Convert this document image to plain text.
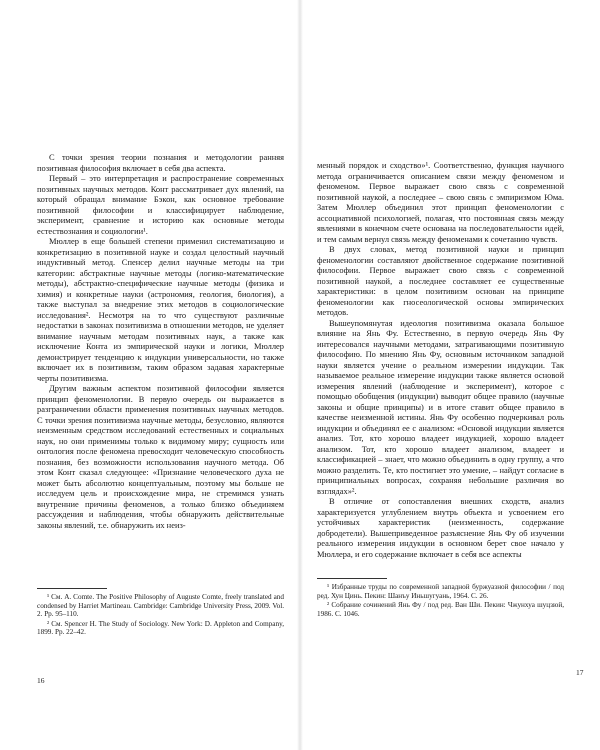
С точки зрения теории познания и методологии ранняя позитивная философия включает в себя два аспекта.

Первый – это интерпретация и распространение современных позитивных научных методов. Конт рассматривает дух явлений, на который обращал внимание Бэкон, как основное требование позитивной философии и классифицирует наблюдение, эксперимент, сравнение и историю как основные методы естествознания и социологии¹.

Мюллер в еще большей степени применил систематизацию и конкретизацию в позитивной науке и создал целостный научный индуктивный метод. Спенсер делил научные методы на три категории: абстрактные научные методы (логико-математические методы), абстрактно-специфические научные методы (физика и химия) и конкретные науки (астрономия, геология, биология), а также выступал за внедрение этих методов в социологические исследования². Несмотря на то что существуют различные недостатки в законах позитивизма в отношении методов, не уделяет внимание научным методам позитивных наук, а также как исключение Конта из эмпирической науки и логики, Мюллер демонстрирует тенденцию к индукции универсальности, но также включает их в позитивизм, таким образом задавая характерные черты позитивизма.

Другим важным аспектом позитивной философии является принцип феноменологии. В первую очередь он выражается в разграничении области применения позитивных научных методов. С точки зрения позитивизма научные методы, безусловно, являются неизменным средством исследований естественных и социальных наук, но они применимы только к видимому миру; сущность или онтология после феномена превосходит человеческую способность познания, без возможности использования научного метода. Об этом Конт сказал следующее: «Признание человеческого духа не может быть абсолютно концептуальным, поэтому мы больше не исследуем цель и происхождение мира, не стремимся узнать внутренние причины феноменов, а только близко объединяем рассуждения и наблюдения, чтобы обнаружить действительные законы явлений, т.е. обнаружить их неиз-

¹ См. A. Comte. The Positive Philosophy of Auguste Comte, freely translated and condensed by Harriet Martineau. Cambridge: Cambridge University Press, 2009. Vol. 2. Pp. 95–110.

² См. Spencer H. The Study of Sociology. New York: D. Appleton and Company, 1899. Pp. 22–42.

16

менный порядок и сходство»¹. Соответственно, функция научного метода ограничивается описанием связи между феноменом и феноменом. Первое выражает свою связь с современной позитивной наукой, а последнее – свою связь с эмпиризмом Юма. Затем Мюллер объединил этот принцип феноменологии с ассоциативной психологией, полагая, что постоянная связь между явлениями в конечном счете основана на последовательности идей, и тем самым вернул связь между феноменами к сочетанию чувств.

В двух словах, метод позитивной науки и принцип феноменологии составляют двойственное содержание позитивной философии. Первое выражает свою связь с современной позитивной наукой, а последнее составляет ее существенные характеристики: в целом позитивизм основан на принципе феноменологии как гносеологической основы эмпирических методов.

Вышеупомянутая идеология позитивизма оказала большое влияние на Янь Фу. Естественно, в первую очередь Янь Фу интересовался научными методами, затрагивающими позитивную философию. По мнению Янь Фу, основным источником западной науки является учение о реальном измерении индукции. Так называемое реальное измерение индукции также является основой измерения явлений (наблюдение и эксперимент), которое с помощью обобщения (индукции) выводит общее правило (научные законы и общие принципы) и в итоге ставит общее правило в качестве неизменной истины. Янь Фу особенно подчеркивал роль индукции и объединял ее с анализом: «Основой индукции является анализ. Тот, кто хорошо владеет индукцией, хорошо владеет анализом. Тот, кто хорошо владеет анализом, владеет и классификацией – знает, что можно объединить в одну группу, а что можно разделить. Те, кто постигнет это умение, – найдут согласие в принципиальных вопросах, сохраняя небольшие различия во взглядах»².

В отличие от сопоставления внешних сходств, анализ характеризуется углублением внутрь объекта и усвоением его устойчивых характеристик (неизменность, содержание добродетели). Вышеприведенное разъяснение Янь Фу об изучении реального измерения индукции в основном берет свое начало у Мюллера, и его содержание включает в себя все аспекты

¹ Избранные труды по современной западной буржуазной философии / под ред. Хун Цинь. Пекин: Шанъу Иньшугуань, 1964. С. 26.

² Собрание сочинений Янь Фу / под ред. Ван Ши. Пекин: Чжунхуа шуцзюй, 1986. С. 1046.

17
